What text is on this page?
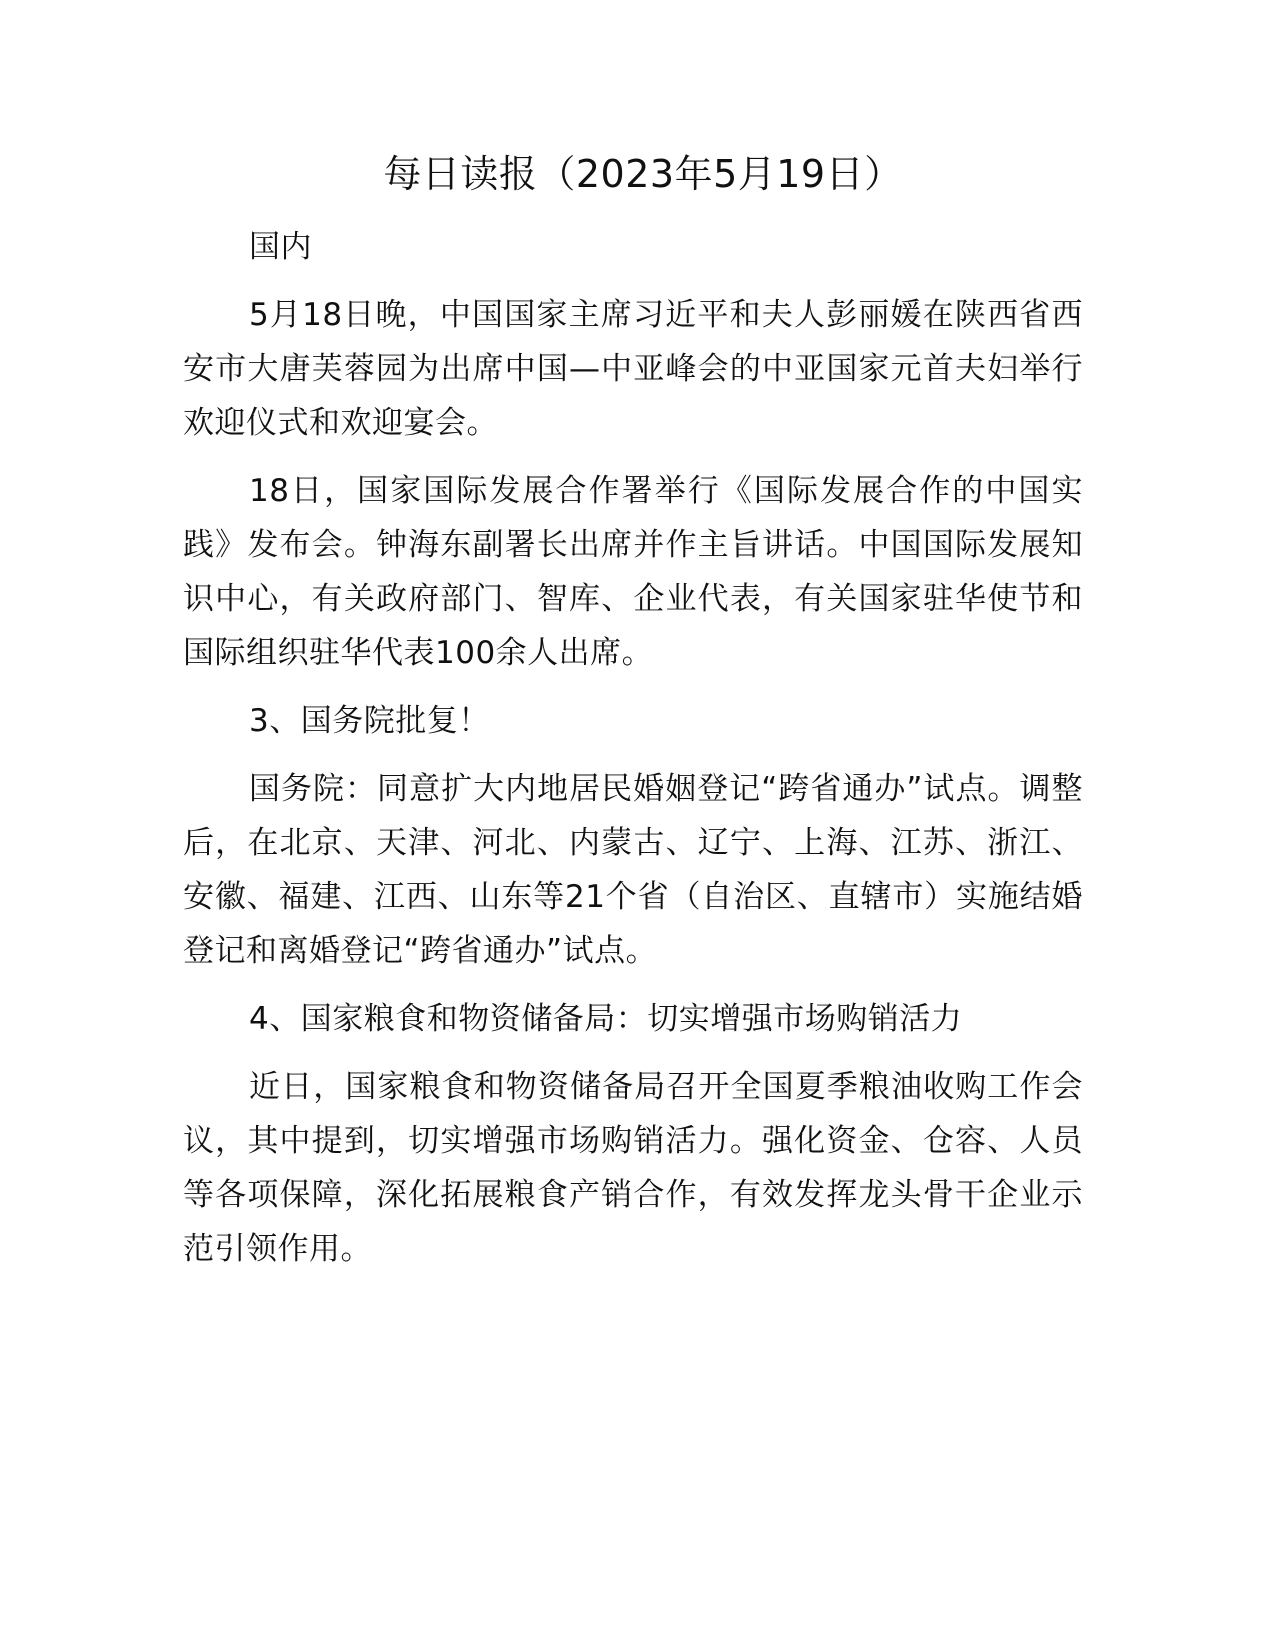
每日读报（2023年5月19日）
国内

5月18日晚，中国国家主席习近平和夫人彭丽媛在陕西省西安市大唐芙蓉园为出席中国—中亚峰会的中亚国家元首夫妇举行欢迎仪式和欢迎宴会。

18日，国家国际发展合作署举行《国际发展合作的中国实践》发布会。钟海东副署长出席并作主旨讲话。中国国际发展知识中心，有关政府部门、智库、企业代表，有关国家驻华使节和国际组织驻华代表100余人出席。

3、国务院批复！

国务院：同意扩大内地居民婚姻登记“跨省通办”试点。调整后，在北京、天津、河北、内蒙古、辽宁、上海、江苏、浙江、安徽、福建、江西、山东等21个省（自治区、直辖市）实施结婚登记和离婚登记“跨省通办”试点。

4、国家粮食和物资储备局：切实增强市场购销活力

近日，国家粮食和物资储备局召开全国夏季粮油收购工作会议，其中提到，切实增强市场购销活力。强化资金、仓容、人员等各项保障，深化拓展粮食产销合作，有效发挥龙头骨干企业示范引领作用。
